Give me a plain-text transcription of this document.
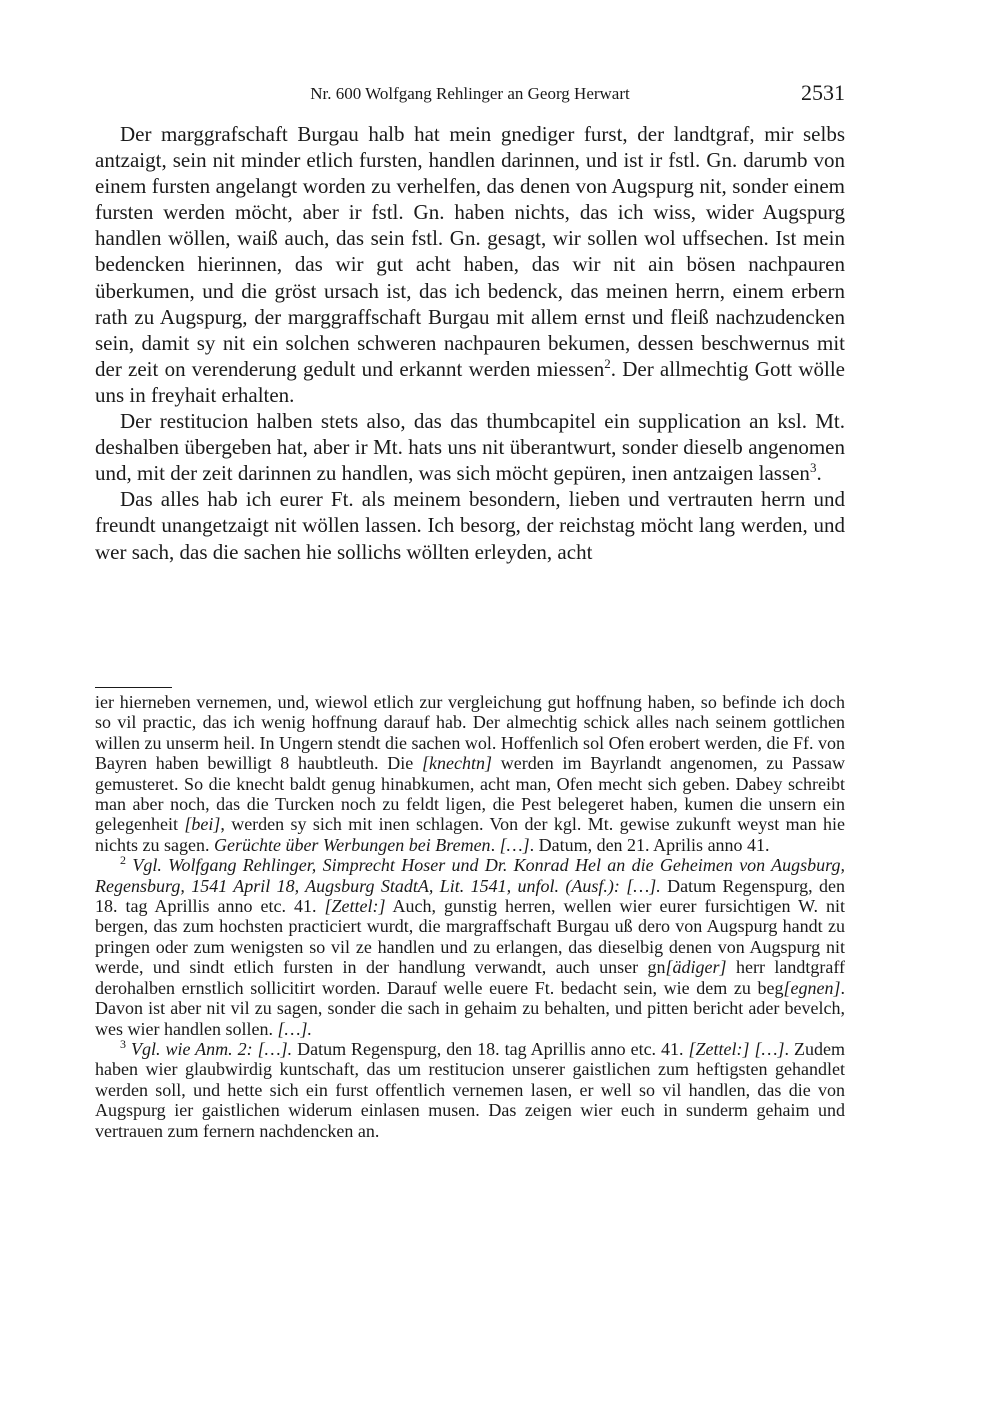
Nr. 600 Wolfgang Rehlinger an Georg Herwart	2531

Der marggrafschaft Burgau halb hat mein gnediger furst, der landtgraf, mir selbs antzaigt, sein nit minder etlich fursten, handlen darinnen, und ist ir fstl. Gn. darumb von einem fursten angelangt worden zu verhelfen, das denen von Augspurg nit, sonder einem fursten werden möcht, aber ir fstl. Gn. haben nichts, das ich wiss, wider Augspurg handlen wöllen, waiß auch, das sein fstl. Gn. gesagt, wir sollen wol uffsechen. Ist mein bedencken hierinnen, das wir gut acht haben, das wir nit ain bösen nachpauren überkumen, und die gröst ursach ist, das ich bedenck, das meinen herrn, einem erbern rath zu Augspurg, der marggraffschaft Burgau mit allem ernst und fleiß nachzudencken sein, damit sy nit ein solchen schweren nachpauren bekumen, dessen beschwernus mit der zeit on verenderung gedult und erkannt werden miessen$^2$. Der allmechtig Gott wölle uns in freyhait erhalten.

Der restitucion halben stets also, das das thumbcapitel ein supplication an ksl. Mt. deshalben übergeben hat, aber ir Mt. hats uns nit überantwurt, sonder dieselb angenomen und, mit der zeit darinnen zu handlen, was sich möcht gepüren, inen antzaigen lassen$^3$.

Das alles hab ich eurer Ft. als meinem besondern, lieben und vertrauten herrn und freundt unangetzaigt nit wöllen lassen. Ich besorg, der reichstag möcht lang werden, und wer sach, das die sachen hie sollichs wöllten erleyden, acht

ier hierneben vernemen, und, wiewol etlich zur vergleichung gut hoffnung haben, so befinde ich doch so vil practic, das ich wenig hoffnung darauf hab. Der almechtig schick alles nach seinem gottlichen willen zu unserm heil. In Ungern stendt die sachen wol. Hoffenlich sol Ofen erobert werden, die Ff. von Bayren haben bewilligt 8 haubtleuth. Die [knechtn] werden im Bayrlandt angenomen, zu Passaw gemusteret. So die knecht baldt genug hinabkumen, acht man, Ofen mecht sich geben. Dabey schreibt man aber noch, das die Turcken noch zu feldt ligen, die Pest belegeret haben, kumen die unsern ein gelegenheit [bei], werden sy sich mit inen schlagen. Von der kgl. Mt. gewise zukunft weyst man hie nichts zu sagen. Gerüchte über Werbungen bei Bremen. […]. Datum, den 21. Aprilis anno 41.

$^2$ Vgl. Wolfgang Rehlinger, Simprecht Hoser und Dr. Konrad Hel an die Geheimen von Augsburg, Regensburg, 1541 April 18, Augsburg StadtA, Lit. 1541, unfol. (Ausf.): […]. Datum Regenspurg, den 18. tag Aprillis anno etc. 41. [Zettel:] Auch, gunstig herren, wellen wier eurer fursichtigen W. nit bergen, das zum hochsten practiciert wurdt, die margraffschaft Burgau uß dero von Augspurg handt zu pringen oder zum wenigsten so vil ze handlen und zu erlangen, das dieselbig denen von Augspurg nit werde, und sindt etlich fursten in der handlung verwandt, auch unser gn[ädiger] herr landtgraff derohalben ernstlich sollicitirt worden. Darauf welle euere Ft. bedacht sein, wie dem zu beg[egnen]. Davon ist aber nit vil zu sagen, sonder die sach in gehaim zu behalten, und pitten bericht ader bevelch, wes wier handlen sollen. […].

$^3$ Vgl. wie Anm. 2: […]. Datum Regenspurg, den 18. tag Aprillis anno etc. 41. [Zettel:] […]. Zudem haben wier glaubwirdig kuntschaft, das um restitucion unserer gaistlichen zum heftigsten gehandlet werden soll, und hette sich ein furst offentlich vernemen lasen, er well so vil handlen, das die von Augspurg ier gaistlichen widerum einlasen musen. Das zeigen wier euch in sunderm gehaim und vertrauen zum fernern nachdencken an.
